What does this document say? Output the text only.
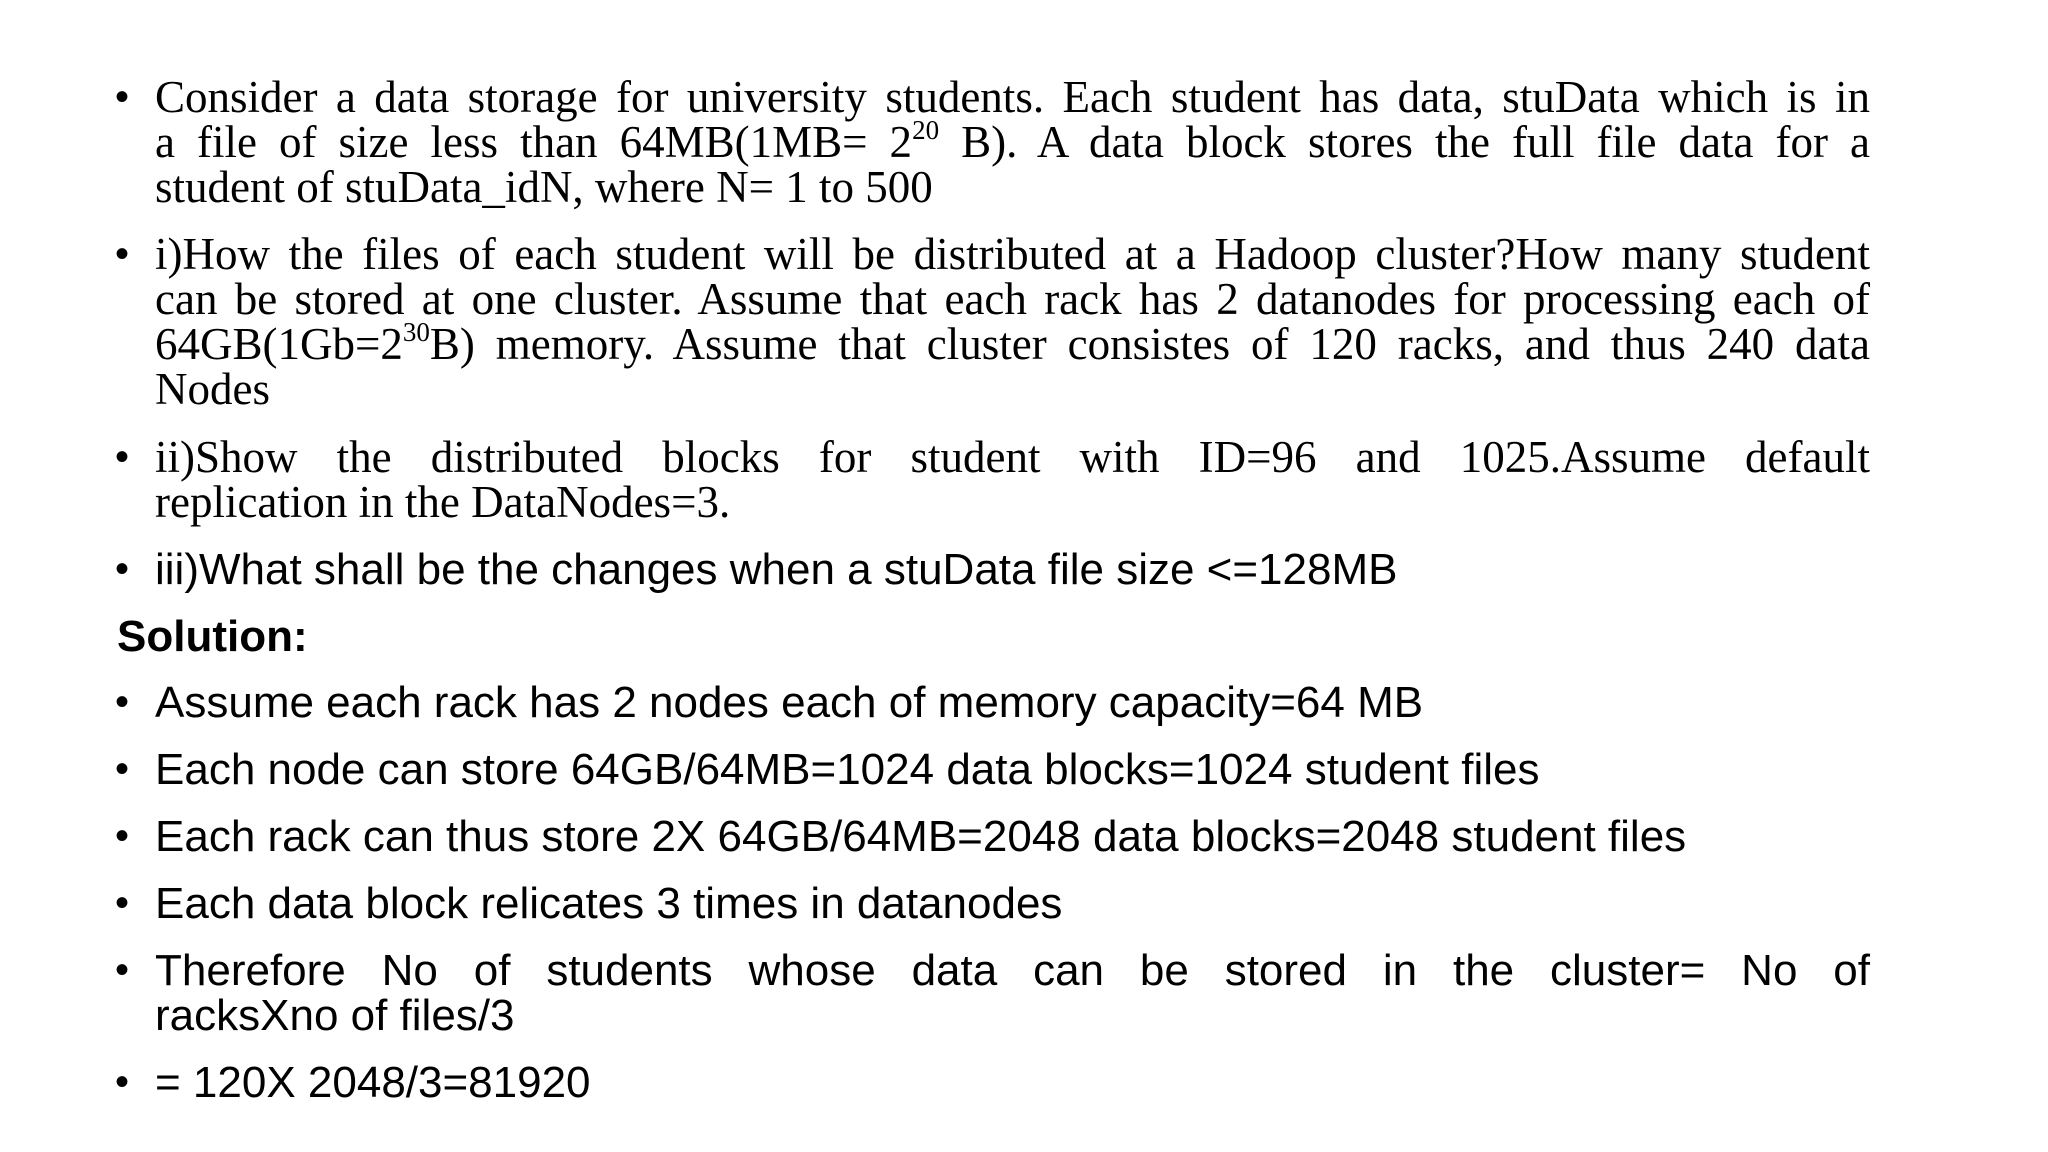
• Consider a data storage for university students. Each student has data, stuData which is in
a file of size less than $64MB(1MB= 2^{20}$ B). A data block stores the full file data for a
student of stuData_idN, where N= 1 to 500
• i)How the files of each student will be distributed at a Hadoop cluster?How many student
can be stored at one cluster. Assume that each rack has 2 datanodes for processing each of
$64GB(1Gb=2^{30}B)$ memory. Assume that cluster consistes of 120 racks, and thus 240 data
Nodes
• ii)Show the distributed blocks for student with ID=96 and 1025.Assume default
replication in the DataNodes=3.
• iii)What shall be the changes when a stuData file size <=128MB
Solution:
• Assume each rack has 2 nodes each of memory capacity=64 MB
• Each node can store 64GB/64MB=1024 data blocks=1024 student files
• Each rack can thus store 2X 64GB/64MB=2048 data blocks=2048 student files
• Each data block relicates 3 times in datanodes
• Therefore No of students whose data can be stored in the cluster= No of
racksXno of files/3
• = 120X 2048/3=81920
